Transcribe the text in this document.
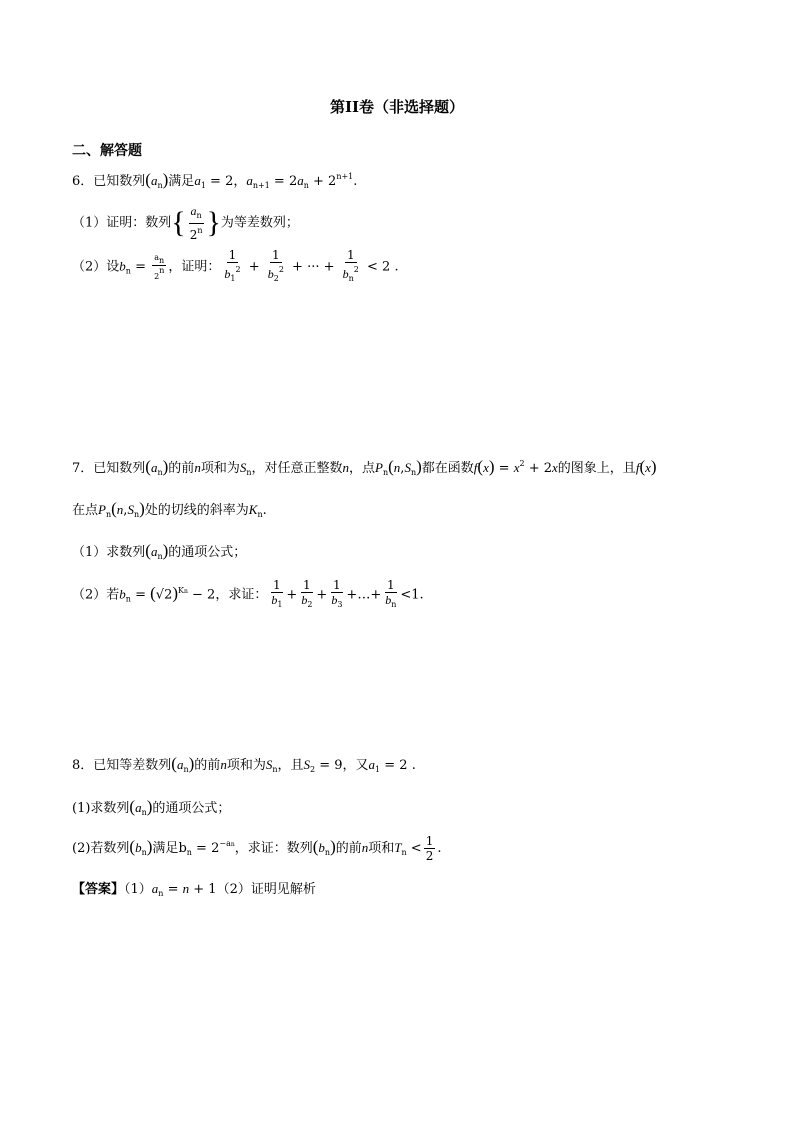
第II卷（非选择题）
二、解答题
6．已知数列$(a_n)$满足$a_1 = 2$，$a_{n+1} = 2a_n + 2^{n+1}$.
（1）证明：数列{ $\frac{a_n}{2^n}$ }为等差数列；
（2）设$b_n = \frac{an}{2n}$ ，证明： $\frac{1}{b_1^2} + \frac{1}{b_2^2}$ + ··· + $\frac{1}{b_n^2} < 2$ .
7．已知数列$(a_n)$的前n项和为$S_n$，对任意正整数n，点$P_n(n,S_n)$都在函数$f(x) = x^2 + 2x$的图象上，且f(x)
在点$P_n(n,S_n)$处的切线的斜率为$K_n$.
（1）求数列$(a_n)$的通项公式；
（2）若$b_n = (√2)^{Kn} - 2$，求证： $\frac{1}{b_1} + \frac{1}{b_2} + \frac{1}{b_3}$ +…+ $\frac{1}{b_n} <1$.
8．已知等差数列$(a_n)$的前n项和为$S_n$，且$S_2 = 9$，又$a_1 = 2$ .
(1)求数列$(a_n)$的通项公式；
(2)若数列$(b_n)$满足$b_n = 2^{-an}$，求证：数列$(b_n)$的前n项和$T_n < \frac{1}{2}$ .
【答案】$(1)a_n = n + 1(2)$证明见解析
